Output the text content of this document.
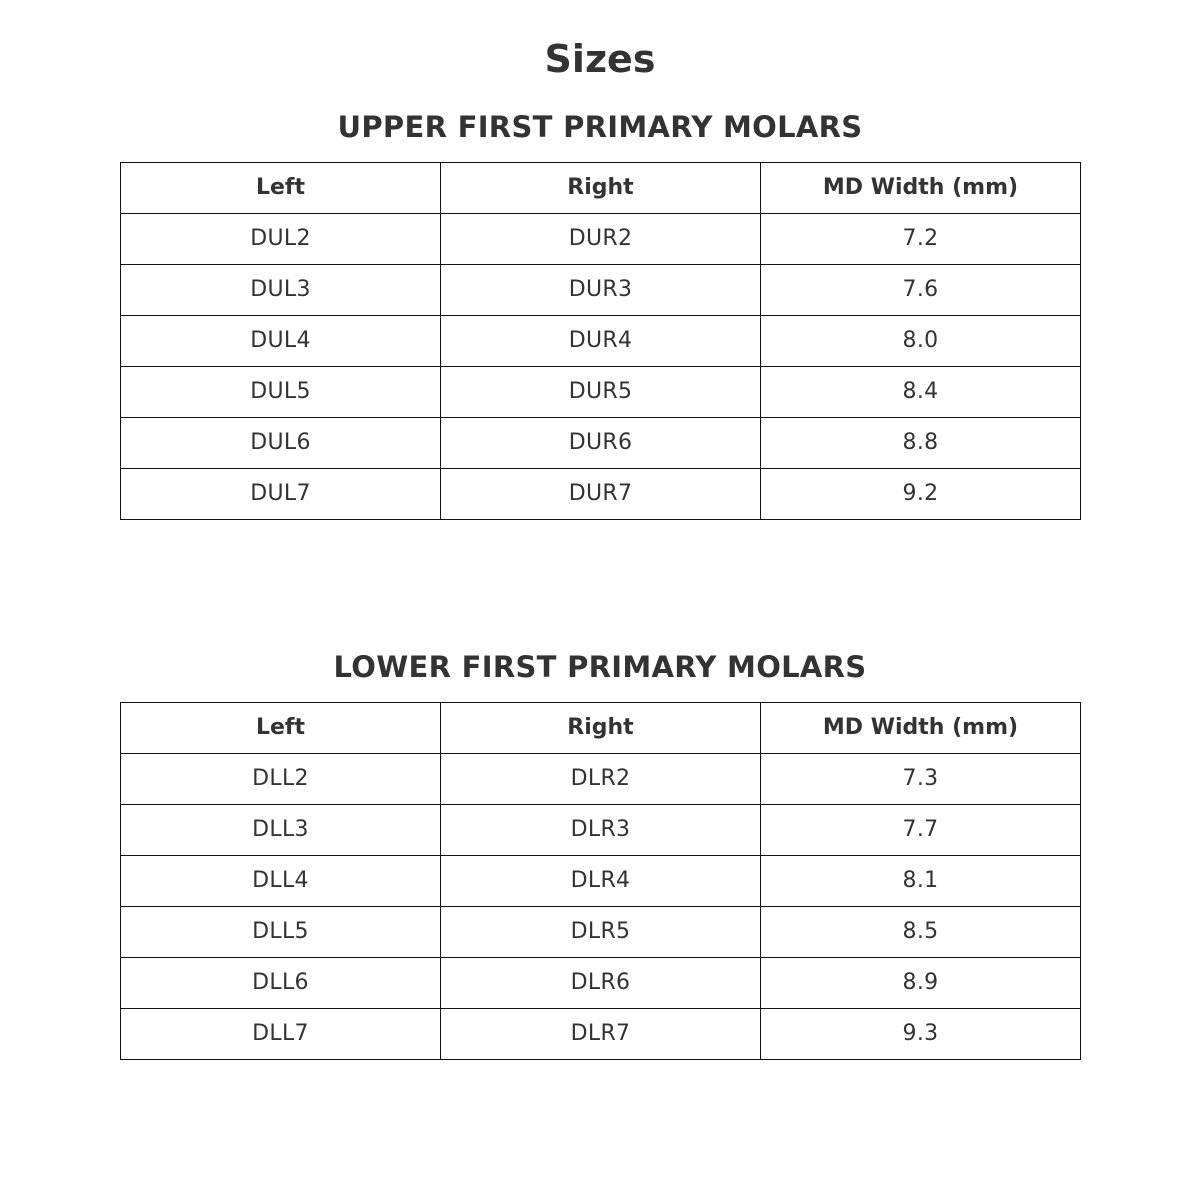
Sizes
UPPER FIRST PRIMARY MOLARS
Left	Right	MD Width (mm)
DUL2	DUR2	7.2
DUL3	DUR3	7.6
DUL4	DUR4	8.0
DUL5	DUR5	8.4
DUL6	DUR6	8.8
DUL7	DUR7	9.2
LOWER FIRST PRIMARY MOLARS
Left	Right	MD Width (mm)
DLL2	DLR2	7.3
DLL3	DLR3	7.7
DLL4	DLR4	8.1
DLL5	DLR5	8.5
DLL6	DLR6	8.9
DLL7	DLR7	9.3
